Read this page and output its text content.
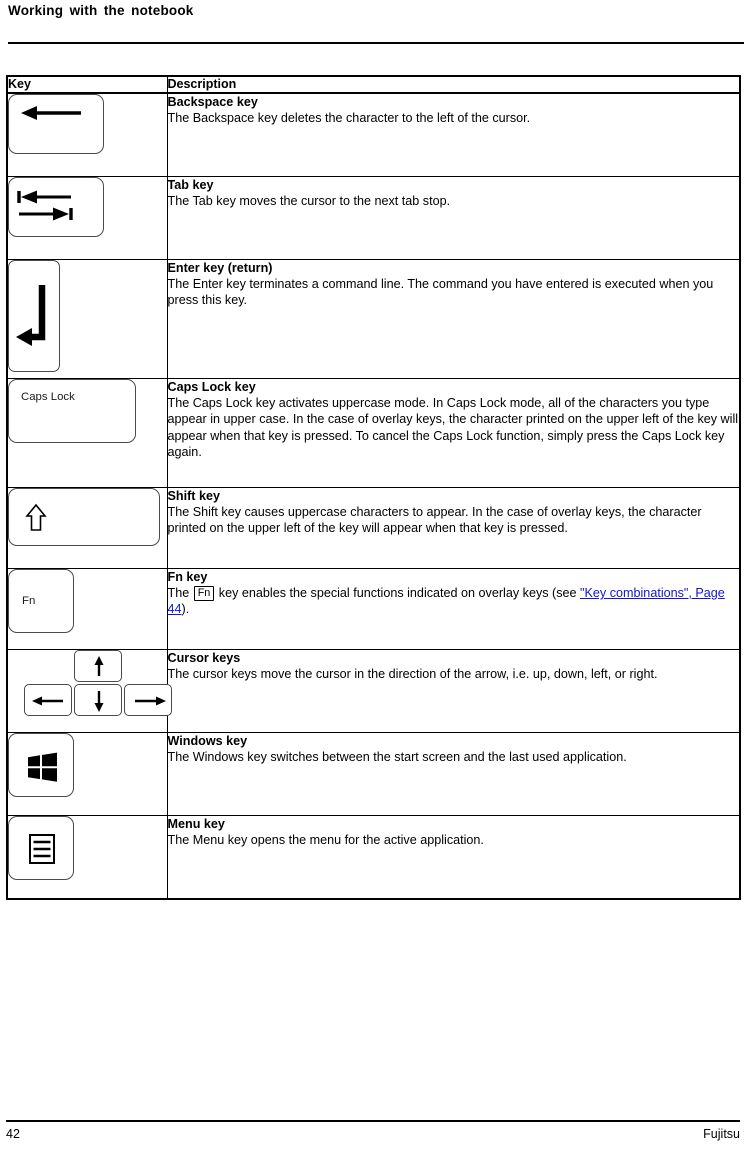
Working with the notebook
Key	Description

Backspace key
The Backspace key deletes the character to the left of the cursor.

Tab key
The Tab key moves the cursor to the next tab stop.

Enter key (return)
The Enter key terminates a command line. The command you have entered is executed when you press this key.

Caps Lock	Caps Lock key
The Caps Lock key activates uppercase mode. In Caps Lock mode, all of the characters you type appear in upper case. In the case of overlay keys, the character printed on the upper left of the key will appear when that key is pressed. To cancel the Caps Lock function, simply press the Caps Lock key again.

Shift key
The Shift key causes uppercase characters to appear. In the case of overlay keys, the character printed on the upper left of the key will appear when that key is pressed.

Fn	Fn key
The Fn key enables the special functions indicated on overlay keys (see "Key combinations", Page 44).

Cursor keys
The cursor keys move the cursor in the direction of the arrow, i.e. up, down, left, or right.

Windows key
The Windows key switches between the start screen and the last used application.

Menu key
The Menu key opens the menu for the active application.
42	Fujitsu
